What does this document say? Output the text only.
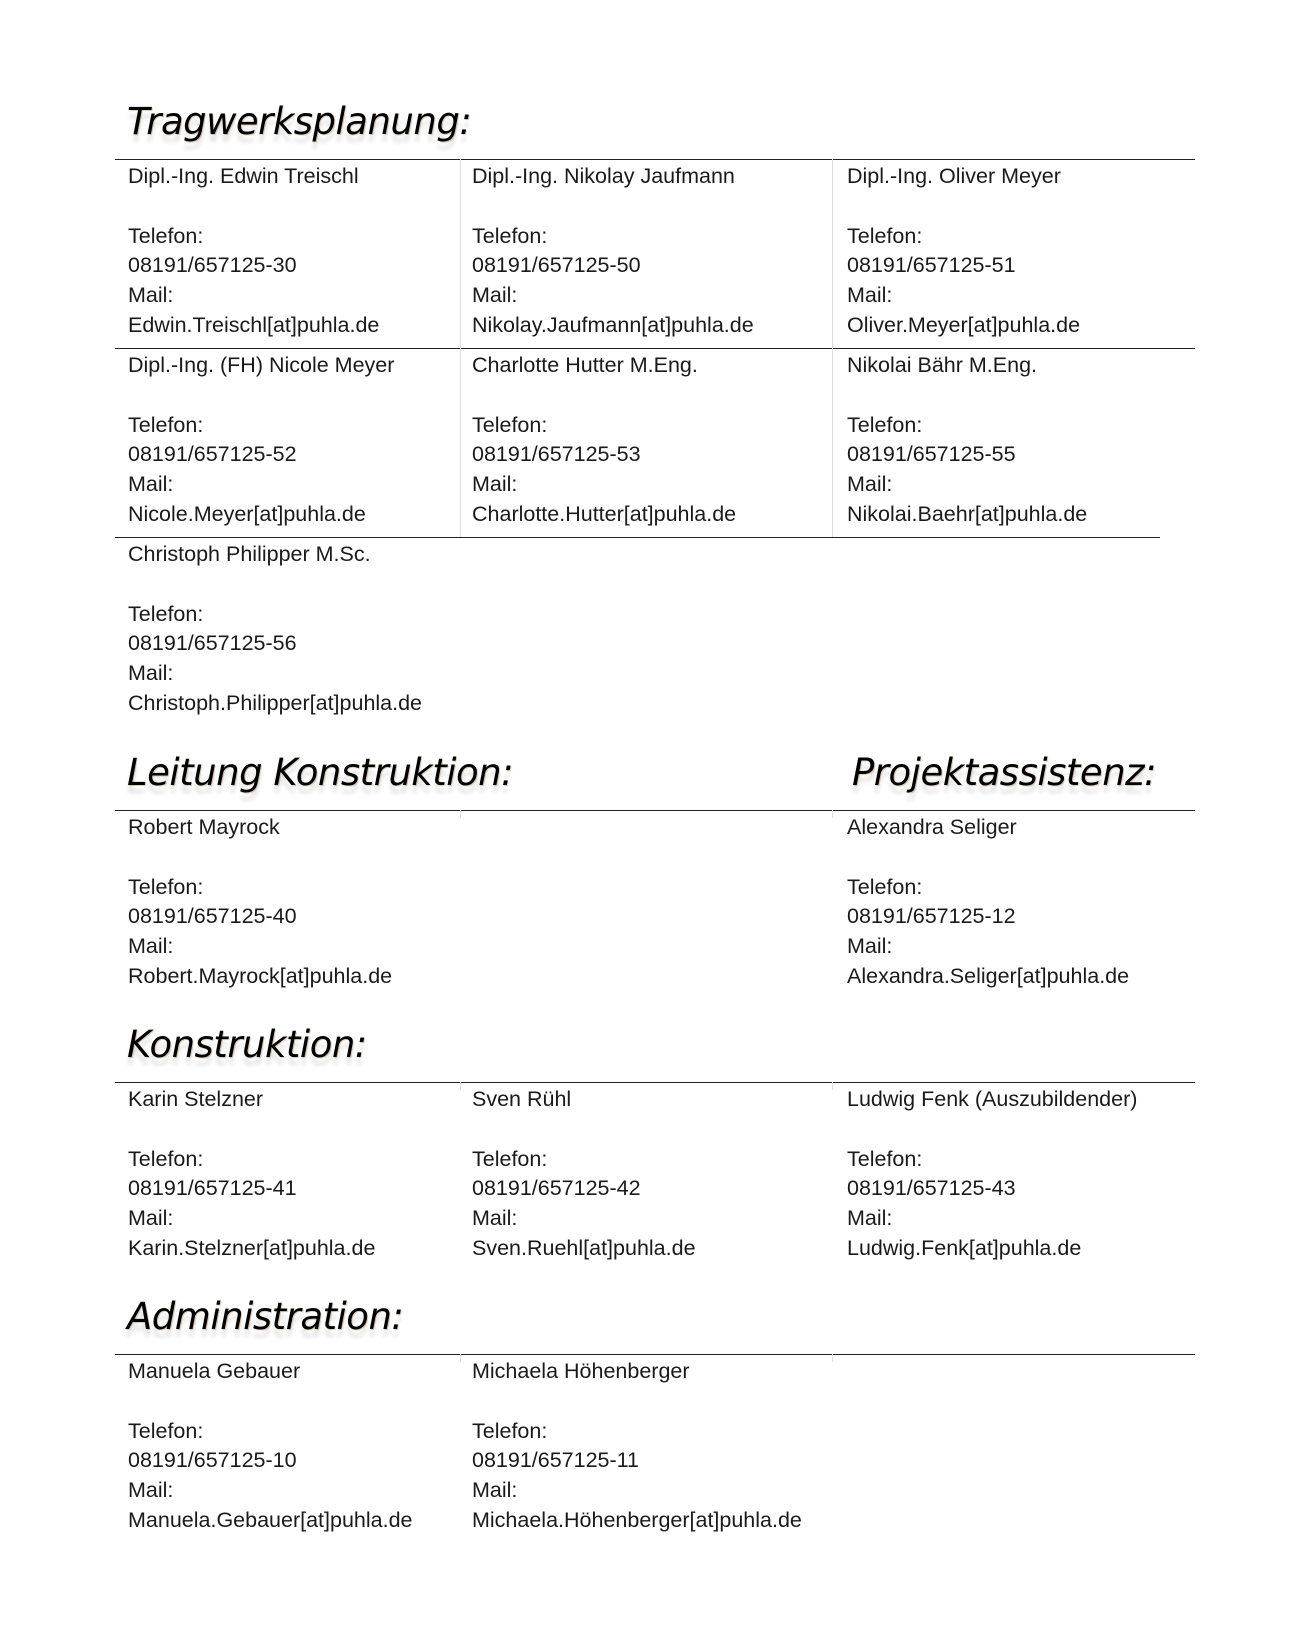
Tragwerksplanung:
Dipl.-Ing. Edwin Treischl
Telefon:
08191/657125-30
Mail:
Edwin.Treischl[at]puhla.de
Dipl.-Ing. Nikolay Jaufmann
Telefon:
08191/657125-50
Mail:
Nikolay.Jaufmann[at]puhla.de
Dipl.-Ing. Oliver Meyer
Telefon:
08191/657125-51
Mail:
Oliver.Meyer[at]puhla.de
Dipl.-Ing. (FH) Nicole Meyer
Telefon:
08191/657125-52
Mail:
Nicole.Meyer[at]puhla.de
Charlotte Hutter M.Eng.
Telefon:
08191/657125-53
Mail:
Charlotte.Hutter[at]puhla.de
Nikolai Bähr M.Eng.
Telefon:
08191/657125-55
Mail:
Nikolai.Baehr[at]puhla.de
Christoph Philipper M.Sc.
Telefon:
08191/657125-56
Mail:
Christoph.Philipper[at]puhla.de
Leitung Konstruktion:	Projektassistenz:
Robert Mayrock
Telefon:
08191/657125-40
Mail:
Robert.Mayrock[at]puhla.de
Alexandra Seliger
Telefon:
08191/657125-12
Mail:
Alexandra.Seliger[at]puhla.de
Konstruktion:
Karin Stelzner
Telefon:
08191/657125-41
Mail:
Karin.Stelzner[at]puhla.de
Sven Rühl
Telefon:
08191/657125-42
Mail:
Sven.Ruehl[at]puhla.de
Ludwig Fenk (Auszubildender)
Telefon:
08191/657125-43
Mail:
Ludwig.Fenk[at]puhla.de
Administration:
Manuela Gebauer
Telefon:
08191/657125-10
Mail:
Manuela.Gebauer[at]puhla.de
Michaela Höhenberger
Telefon:
08191/657125-11
Mail:
Michaela.Höhenberger[at]puhla.de
